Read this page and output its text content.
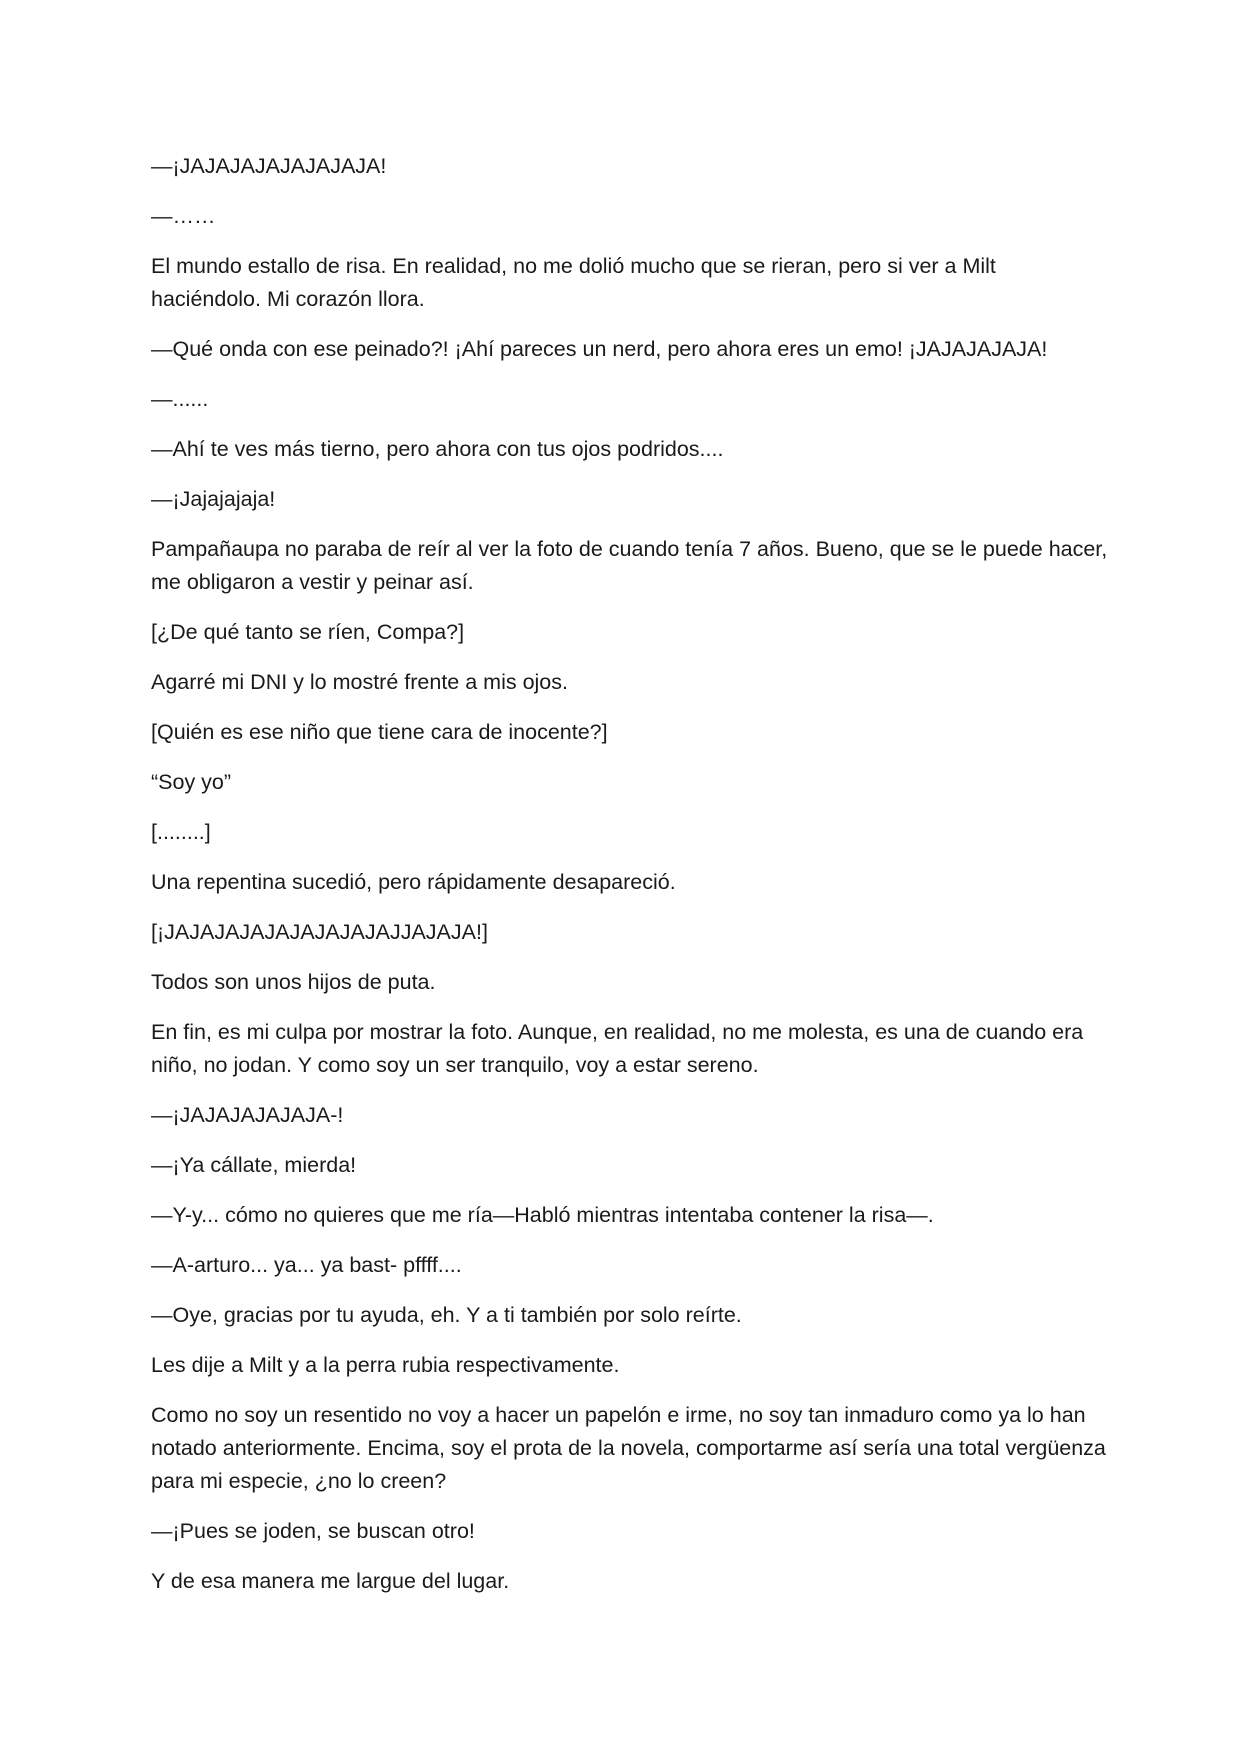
—¡JAJAJAJAJAJAJAJA!

—……

El mundo estallo de risa. En realidad, no me dolió mucho que se rieran, pero si ver a Milt haciéndolo. Mi corazón llora.

—Qué onda con ese peinado?! ¡Ahí pareces un nerd, pero ahora eres un emo! ¡JAJAJAJAJA!

—......

—Ahí te ves más tierno, pero ahora con tus ojos podridos....

—¡Jajajajaja!

Pampañaupa no paraba de reír al ver la foto de cuando tenía 7 años. Bueno, que se le puede hacer, me obligaron a vestir y peinar así.

[¿De qué tanto se ríen, Compa?]

Agarré mi DNI y lo mostré frente a mis ojos.

[Quién es ese niño que tiene cara de inocente?]

“Soy yo”

[........]

Una repentina sucedió, pero rápidamente desapareció.

[¡JAJAJAJAJAJAJAJAJAJJAJAJA!]

Todos son unos hijos de puta.

En fin, es mi culpa por mostrar la foto. Aunque, en realidad, no me molesta, es una de cuando era niño, no jodan. Y como soy un ser tranquilo, voy a estar sereno.

—¡JAJAJAJAJAJA-!

—¡Ya cállate, mierda!

—Y-y... cómo no quieres que me ría—Habló mientras intentaba contener la risa—.

—A-arturo... ya... ya bast- pffff....

—Oye, gracias por tu ayuda, eh. Y a ti también por solo reírte.

Les dije a Milt y a la perra rubia respectivamente.

Como no soy un resentido no voy a hacer un papelón e irme, no soy tan inmaduro como ya lo han notado anteriormente. Encima, soy el prota de la novela, comportarme así sería una total vergüenza para mi especie, ¿no lo creen?

—¡Pues se joden, se buscan otro!

Y de esa manera me largue del lugar.
